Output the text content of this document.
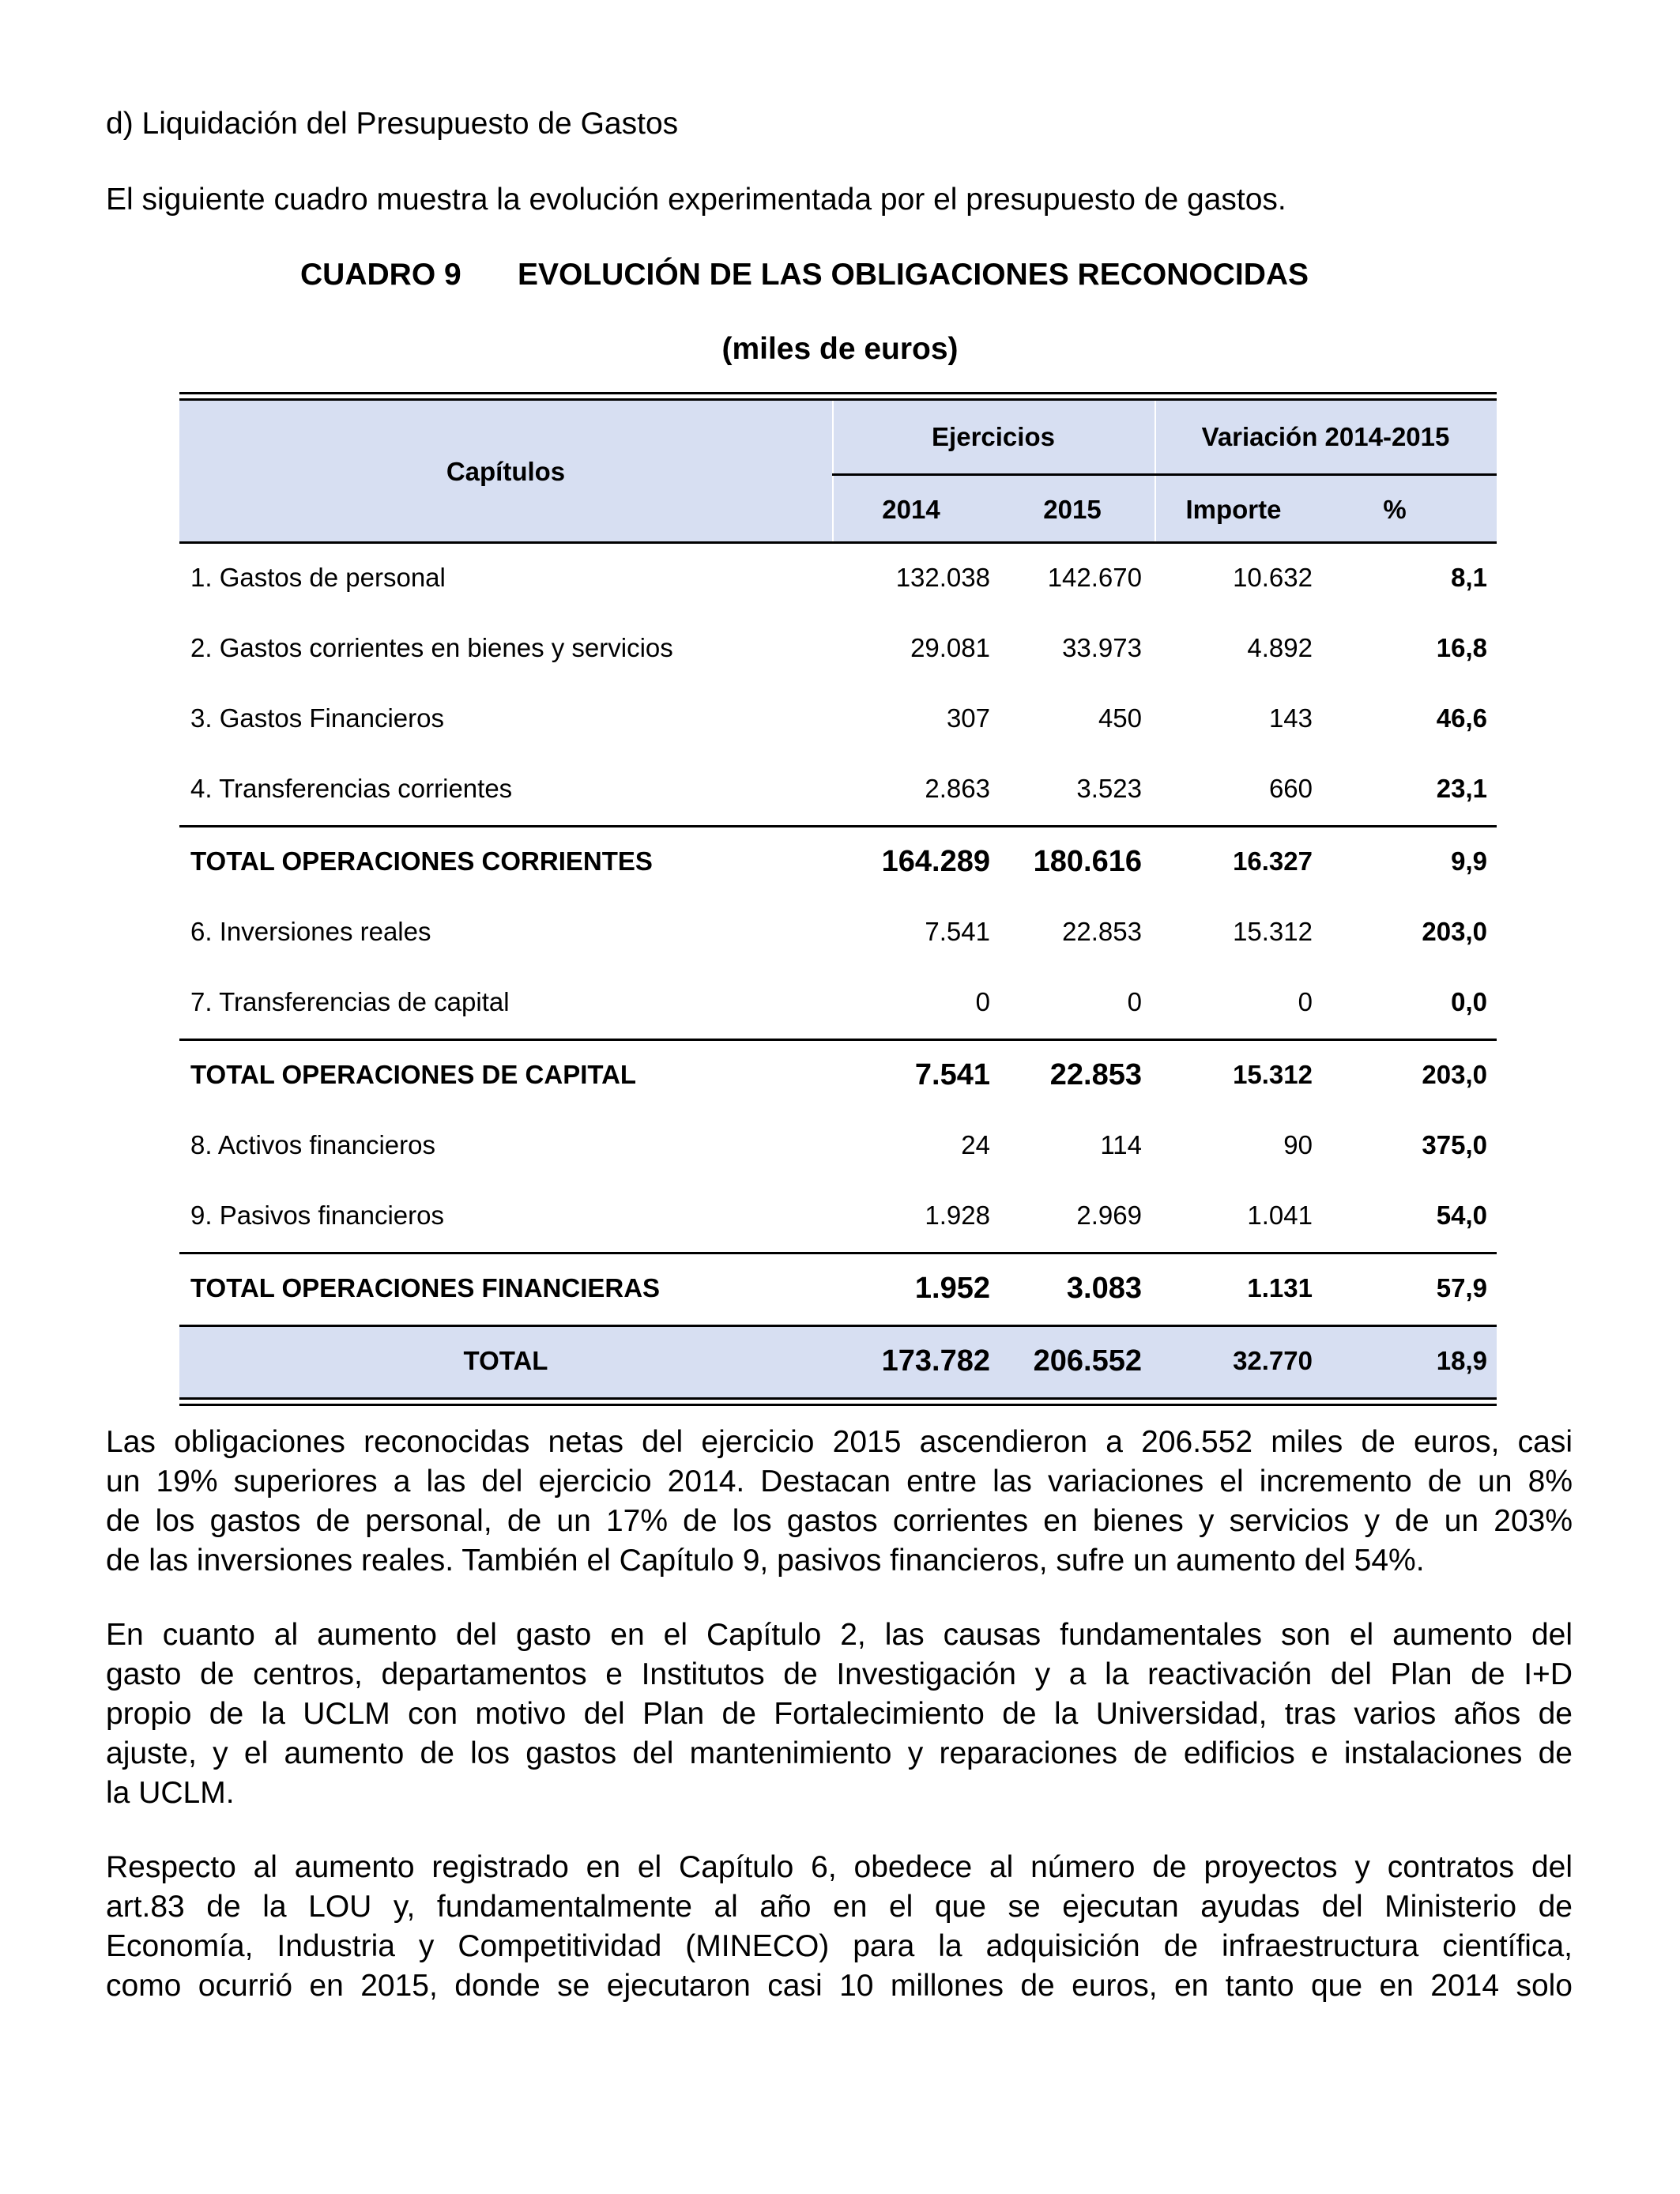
d) Liquidación del Presupuesto de Gastos
El siguiente cuadro muestra la evolución experimentada por el presupuesto de gastos.
CUADRO 9 EVOLUCIÓN DE LAS OBLIGACIONES RECONOCIDAS
(miles de euros)
Capítulos
Ejercicios	Variación 2014-2015
2014	2015	Importe	%
1. Gastos de personal	132.038	142.670	10.632	8,1
2. Gastos corrientes en bienes y servicios	29.081	33.973	4.892	16,8
3. Gastos Financieros	307	450	143	46,6
4. Transferencias corrientes	2.863	3.523	660	23,1
TOTAL OPERACIONES CORRIENTES	164.289	180.616	16.327	9,9
6. Inversiones reales	7.541	22.853	15.312	203,0
7. Transferencias de capital	0	0	0	0,0
TOTAL OPERACIONES DE CAPITAL	7.541	22.853	15.312	203,0
8. Activos financieros	24	114	90	375,0
9. Pasivos financieros	1.928	2.969	1.041	54,0
TOTAL OPERACIONES FINANCIERAS	1.952	3.083	1.131	57,9
TOTAL	173.782	206.552	32.770	18,9
Las obligaciones reconocidas netas del ejercicio 2015 ascendieron a 206.552 miles de euros, casi
un 19% superiores a las del ejercicio 2014. Destacan entre las variaciones el incremento de un 8%
de los gastos de personal, de un 17% de los gastos corrientes en bienes y servicios y de un 203%
de las inversiones reales. También el Capítulo 9, pasivos financieros, sufre un aumento del 54%.
En cuanto al aumento del gasto en el Capítulo 2, las causas fundamentales son el aumento del
gasto de centros, departamentos e Institutos de Investigación y a la reactivación del Plan de I+D
propio de la UCLM con motivo del Plan de Fortalecimiento de la Universidad, tras varios años de
ajuste, y el aumento de los gastos del mantenimiento y reparaciones de edificios e instalaciones de
la UCLM.
Respecto al aumento registrado en el Capítulo 6, obedece al número de proyectos y contratos del
art.83 de la LOU y, fundamentalmente al año en el que se ejecutan ayudas del Ministerio de
Economía, Industria y Competitividad (MINECO) para la adquisición de infraestructura científica,
como ocurrió en 2015, donde se ejecutaron casi 10 millones de euros, en tanto que en 2014 solo
